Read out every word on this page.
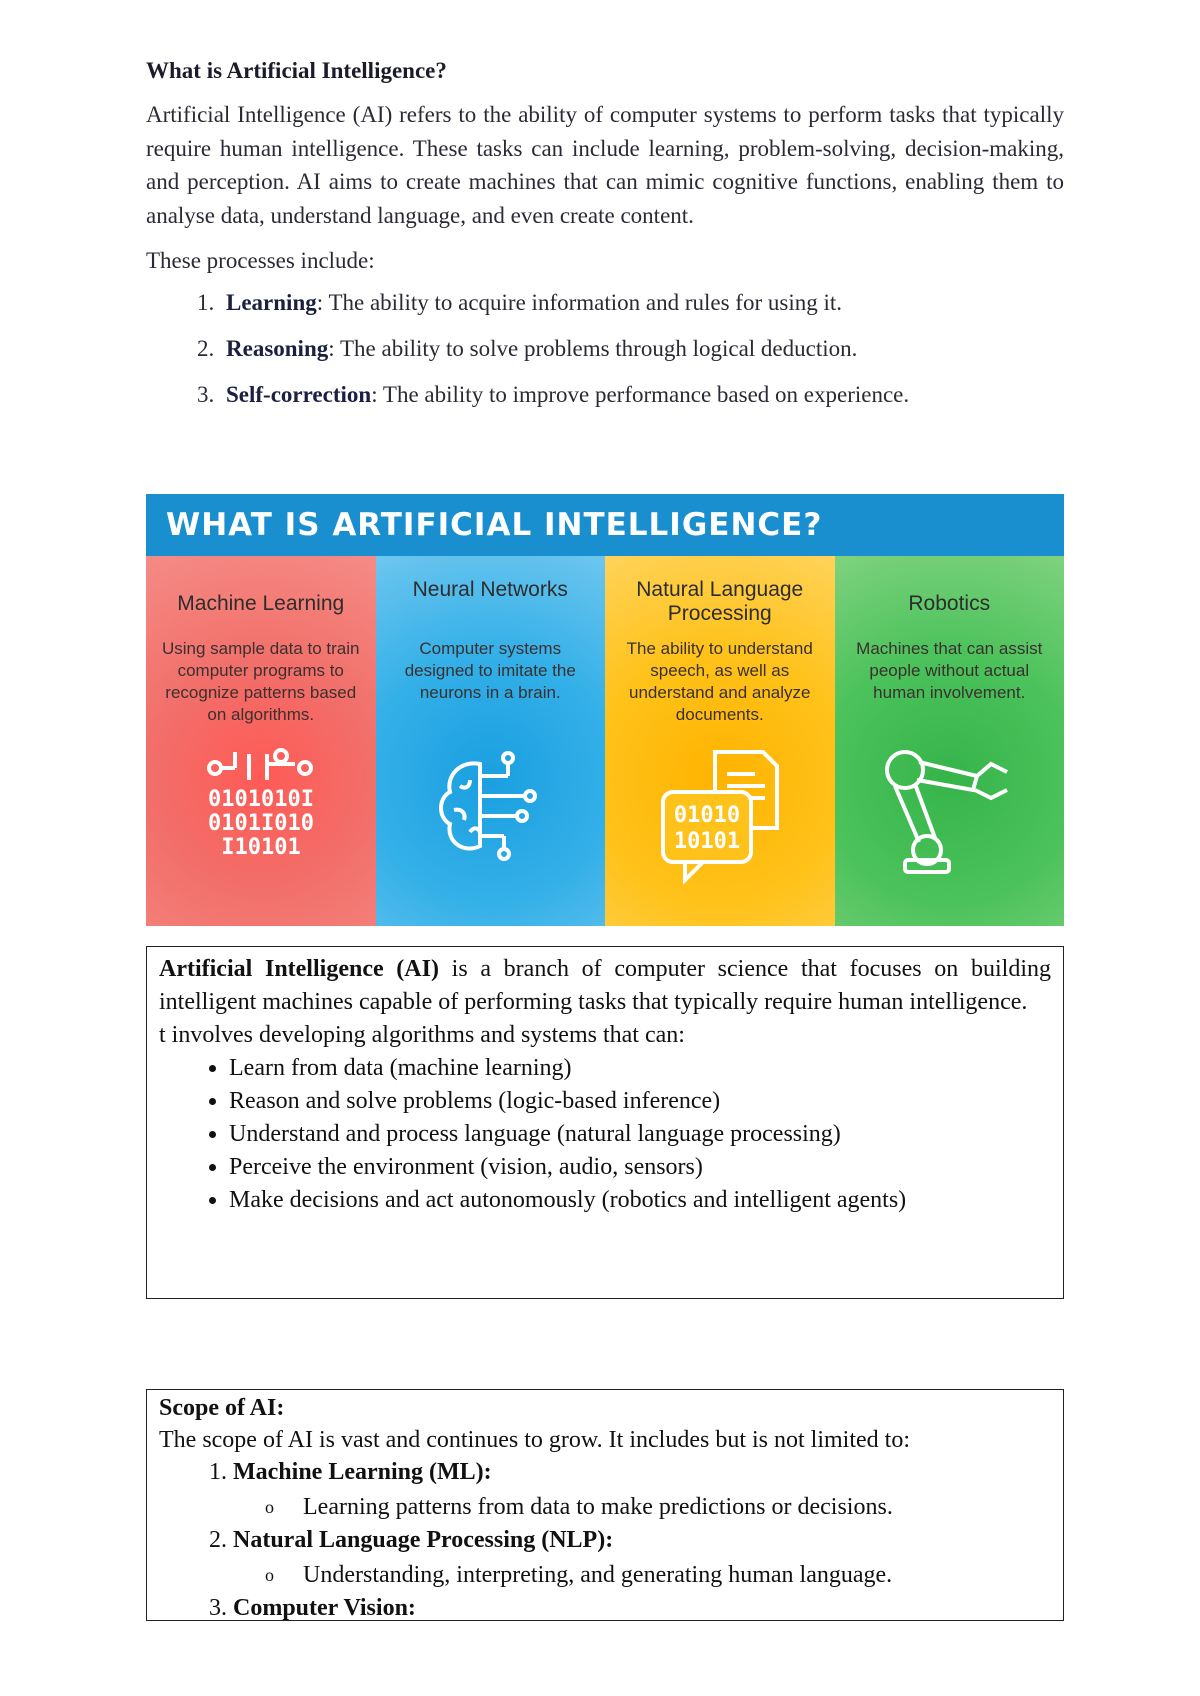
What is Artificial Intelligence?

Artificial Intelligence (AI) refers to the ability of computer systems to perform tasks that typically require human intelligence. These tasks can include learning, problem-solving, decision-making, and perception. AI aims to create machines that can mimic cognitive functions, enabling them to analyse data, understand language, and even create content.

These processes include:

1. Learning: The ability to acquire information and rules for using it.
2. Reasoning: The ability to solve problems through logical deduction.
3. Self-correction: The ability to improve performance based on experience.
WHAT IS ARTIFICIAL INTELLIGENCE?
Machine Learning
Using sample data to train computer programs to recognize patterns based on algorithms.
0101010I
0101I010
I10101
Neural Networks
Computer systems designed to imitate the neurons in a brain.
Natural Language Processing
The ability to understand speech, as well as understand and analyze documents.
01010
10101
Robotics
Machines that can assist people without actual human involvement.

Artificial Intelligence (AI) is a branch of computer science that focuses on building intelligent machines capable of performing tasks that typically require human intelligence.

t involves developing algorithms and systems that can:

• Learn from data (machine learning)
• Reason and solve problems (logic-based inference)
• Understand and process language (natural language processing)
• Perceive the environment (vision, audio, sensors)
• Make decisions and act autonomously (robotics and intelligent agents)

Scope of AI:

The scope of AI is vast and continues to grow. It includes but is not limited to:

1. Machine Learning (ML):
o Learning patterns from data to make predictions or decisions.
2. Natural Language Processing (NLP):
o Understanding, interpreting, and generating human language.
3. Computer Vision:
